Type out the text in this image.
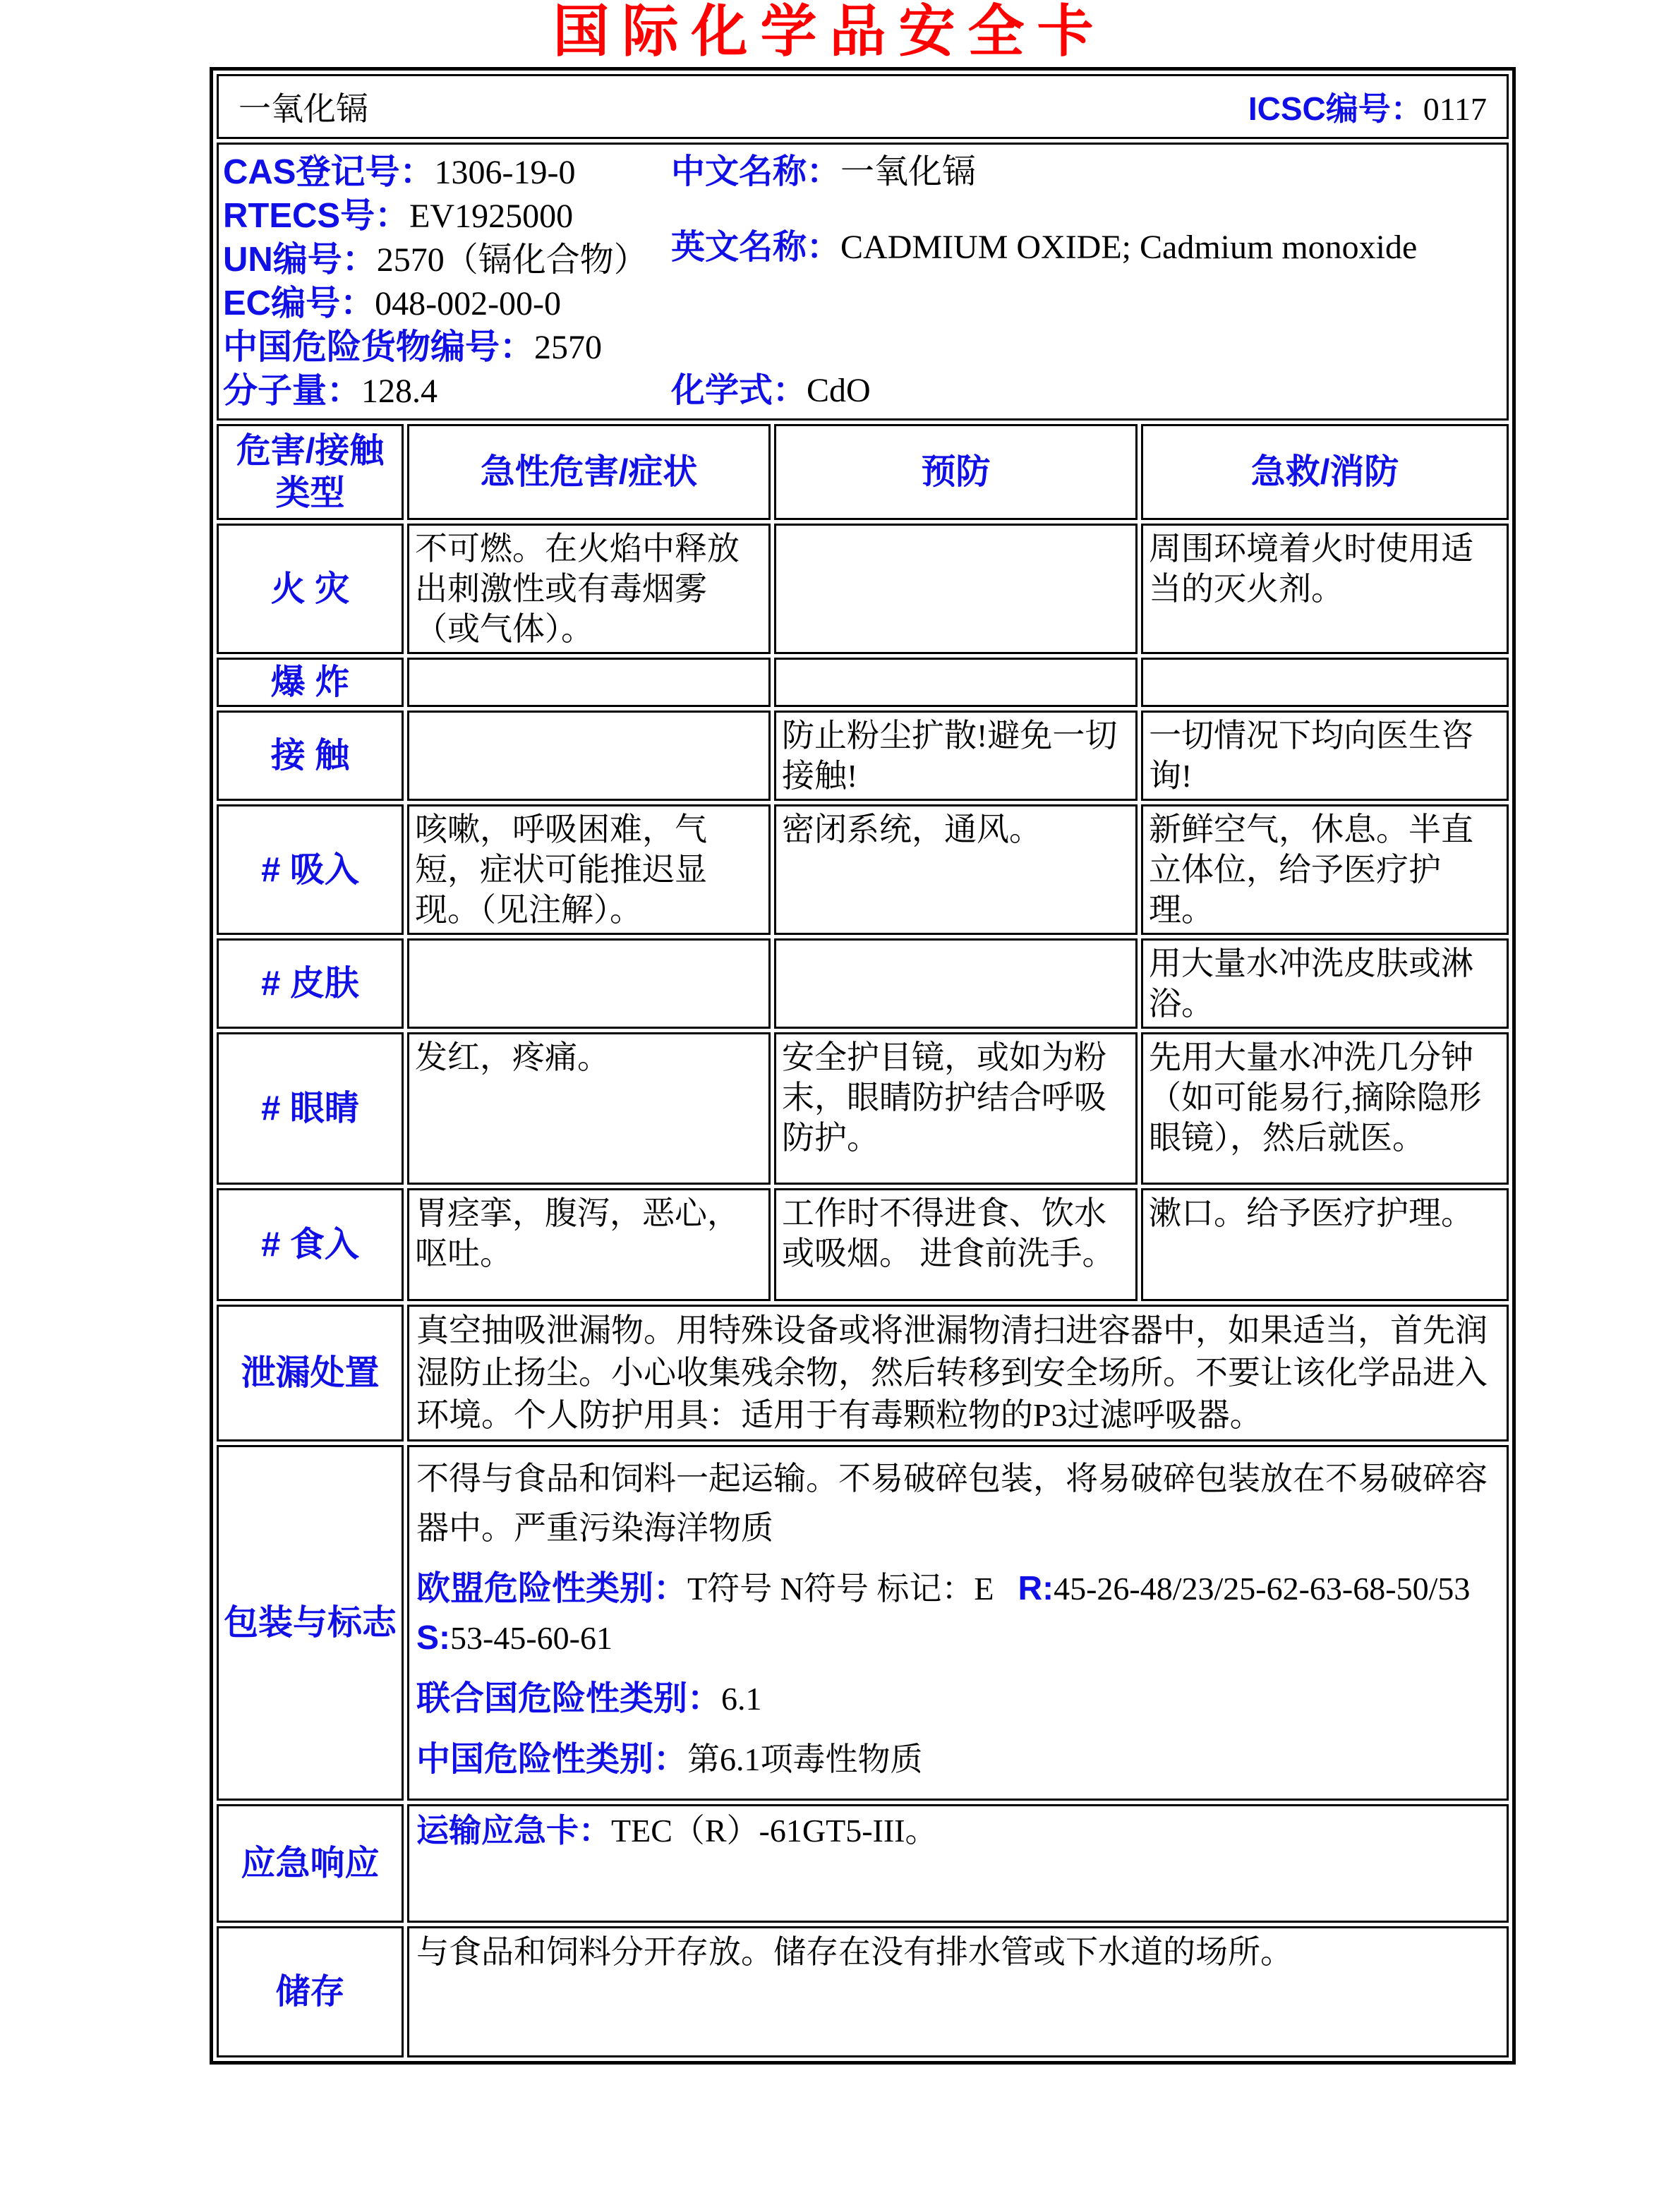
国际化学品安全卡
一氧化镉 ICSC编号：0117			

CAS登记号：1306-19-0
RTECS号：EV1925000
UN编号：2570（镉化合物）
EC编号：048-002-00-0
中国危险货物编号：2570
分子量：128.4
中文名称：一氧化镉
英文名称：CADMIUM OXIDE; Cadmium monoxide
化学式：CdO

危害/接触 类型	急性危害/症状	预防	急救/消防
火 灾	不可燃。在火焰中释放出刺激性或有毒烟雾（或气体）。		周围环境着火时使用适当的灭火剂。
爆 炸			
接 触		防止粉尘扩散!避免一切接触!	一切情况下均向医生咨询!
# 吸入	咳嗽，呼吸困难，气短，症状可能推迟显现。（见注解）。	密闭系统，通风。	新鲜空气，休息。半直立体位，给予医疗护理。
# 皮肤			用大量水冲洗皮肤或淋浴。
# 眼睛	发红，疼痛。	安全护目镜，或如为粉末，眼睛防护结合呼吸防护。	先用大量水冲洗几分钟（如可能易行,摘除隐形眼镜），然后就医。
# 食入	胃痉挛，腹泻，恶心，呕吐。	工作时不得进食、饮水或吸烟。 进食前洗手。	漱口。给予医疗护理。
泄漏处置	真空抽吸泄漏物。用特殊设备或将泄漏物清扫进容器中，如果适当，首先润湿防止扬尘。小心收集残余物，然后转移到安全场所。不要让该化学品进入环境。个人防护用具：适用于有毒颗粒物的P3过滤呼吸器。		
包装与标志	不得与食品和饲料一起运输。不易破碎包装，将易破碎包装放在不易破碎容器中。严重污染海洋物质
欧盟危险性类别：T符号 N符号 标记：E R:45-26-48/23/25-62-63-68-50/53 S:53-45-60-61
联合国危险性类别：6.1
中国危险性类别：第6.1项毒性物质		

应急响应	运输应急卡：TEC（R）-61GT5-III。		
储存	与食品和饲料分开存放。储存在没有排水管或下水道的场所。		
